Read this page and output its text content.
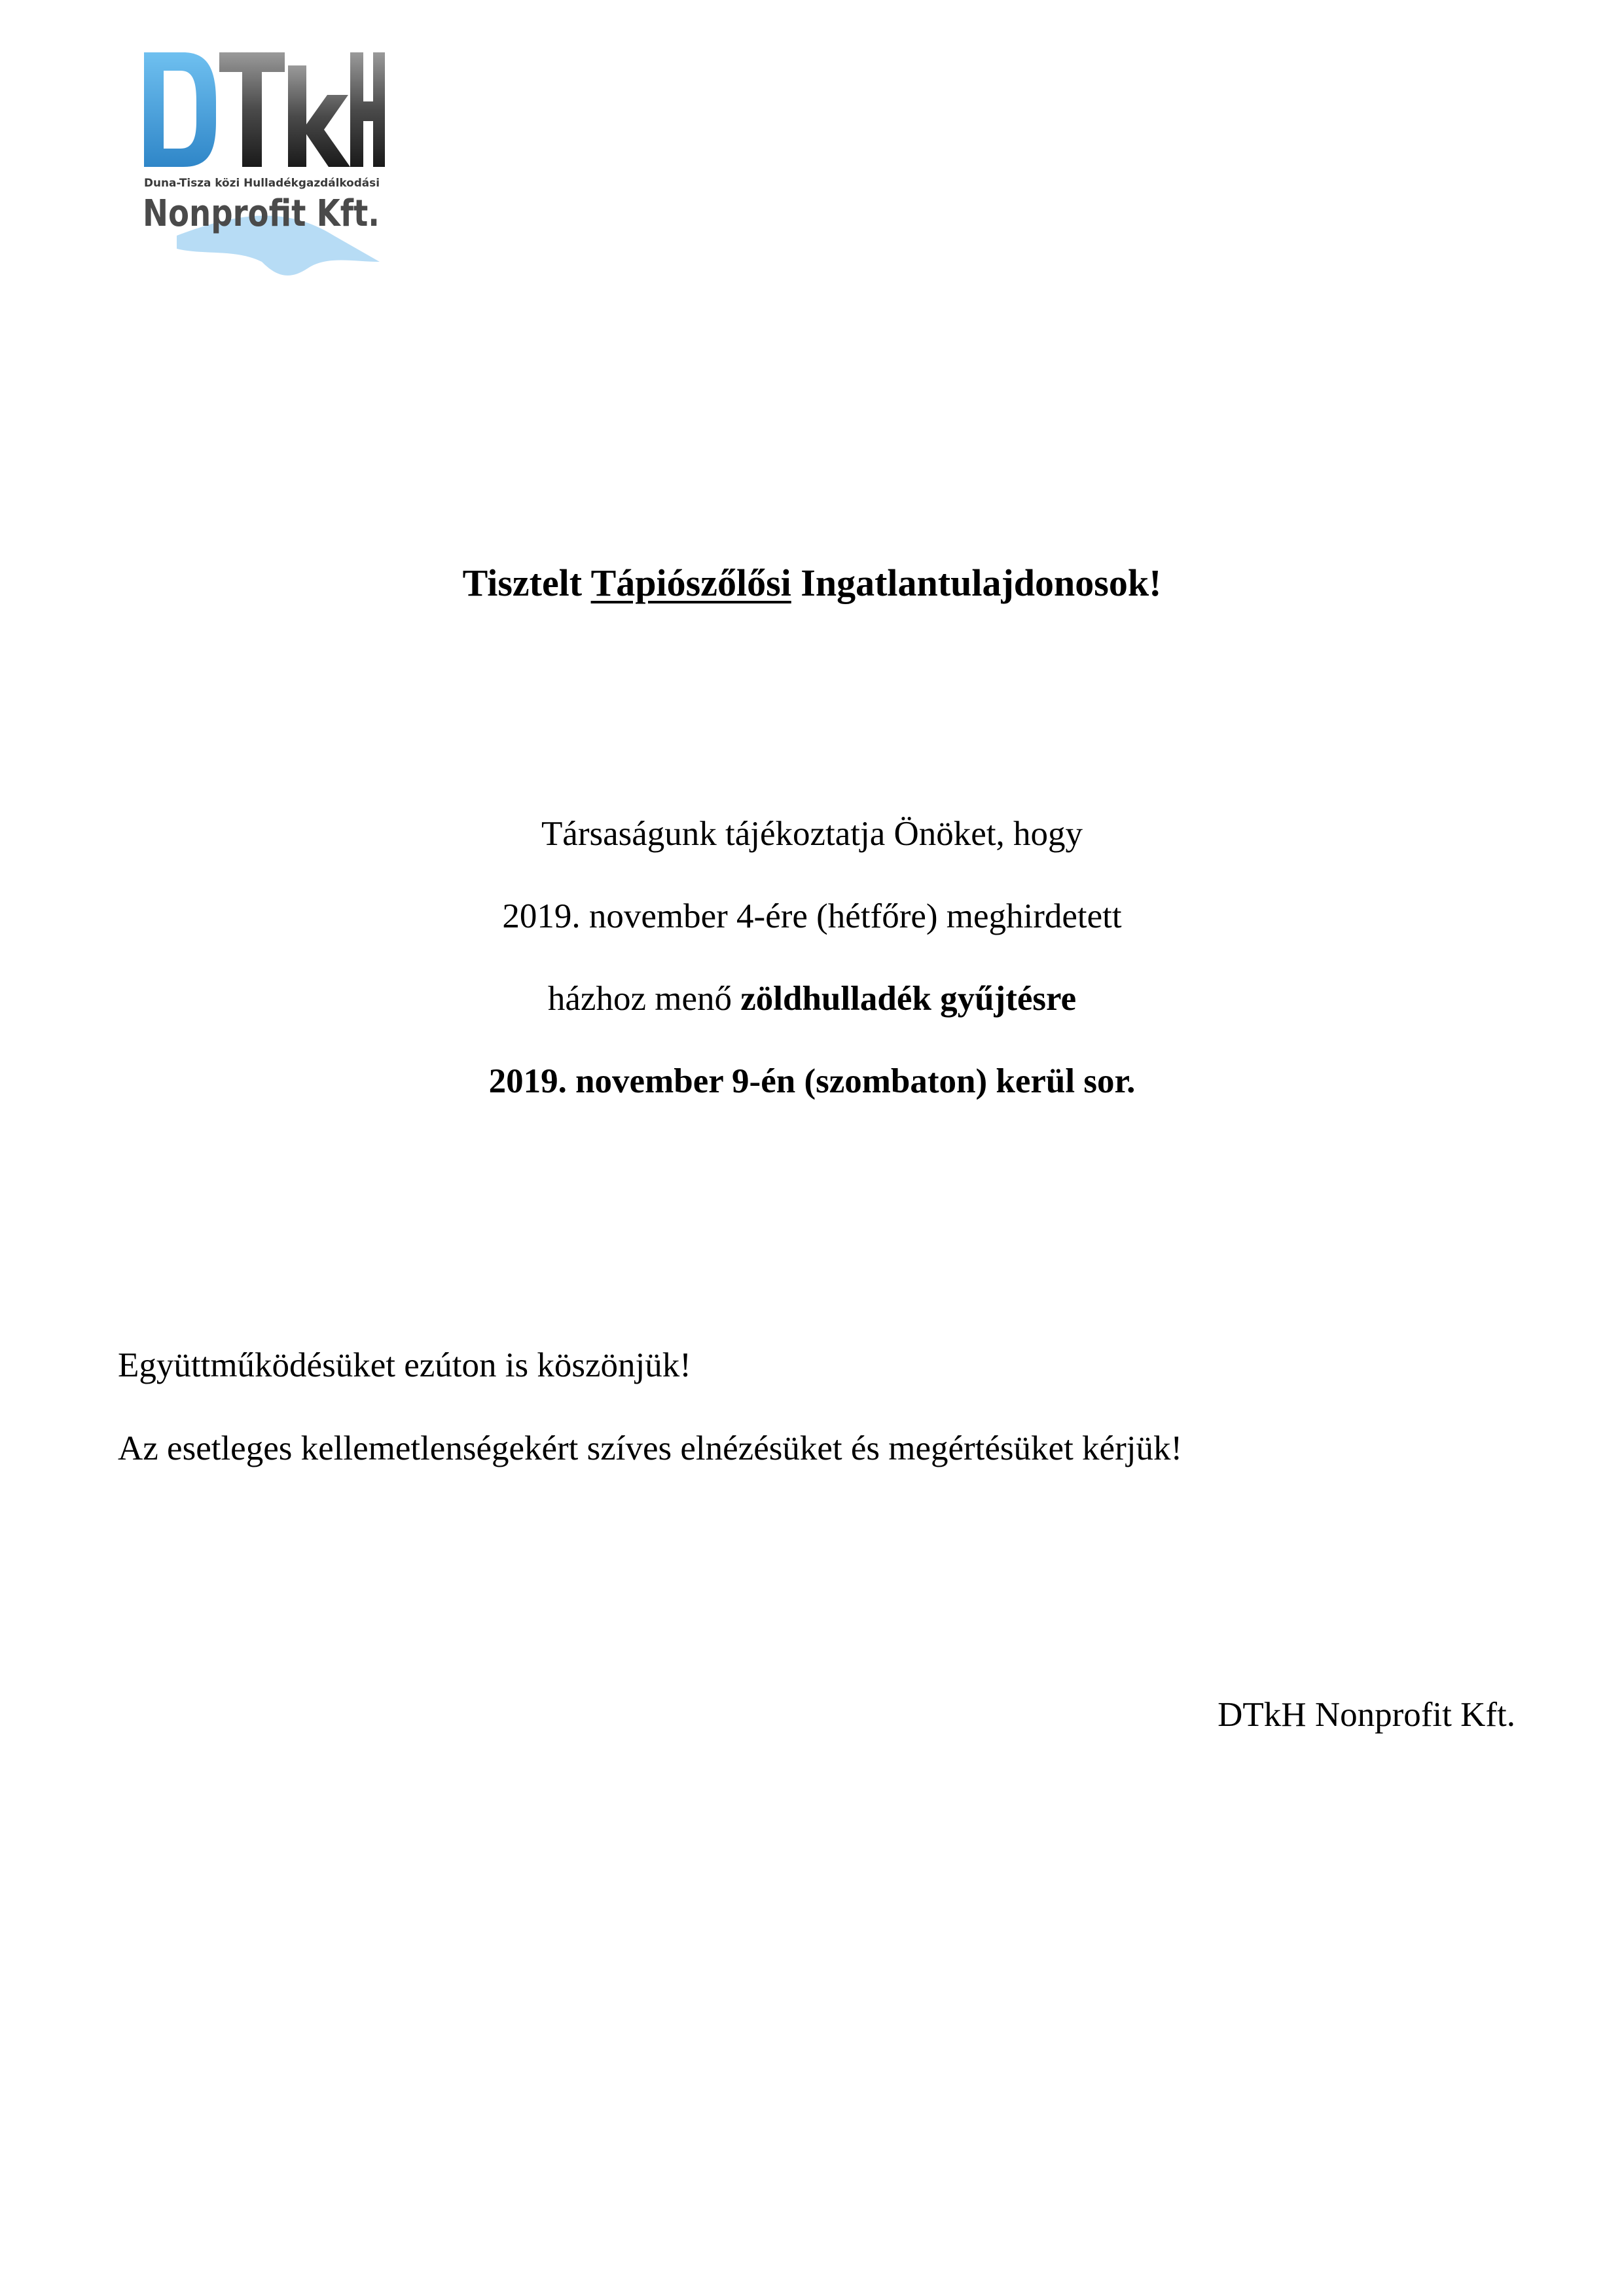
Duna-Tisza közi Hulladékgazdálkodási
Nonprofit Kft.
Tisztelt Tápiószőlősi Ingatlantulajdonosok!
Társaságunk tájékoztatja Önöket, hogy
2019. november 4-ére (hétfőre) meghirdetett
házhoz menő zöldhulladék gyűjtésre
2019. november 9-én (szombaton) kerül sor.
Együttműködésüket ezúton is köszönjük!
Az esetleges kellemetlenségekért szíves elnézésüket és megértésüket kérjük!
DTkH Nonprofit Kft.
